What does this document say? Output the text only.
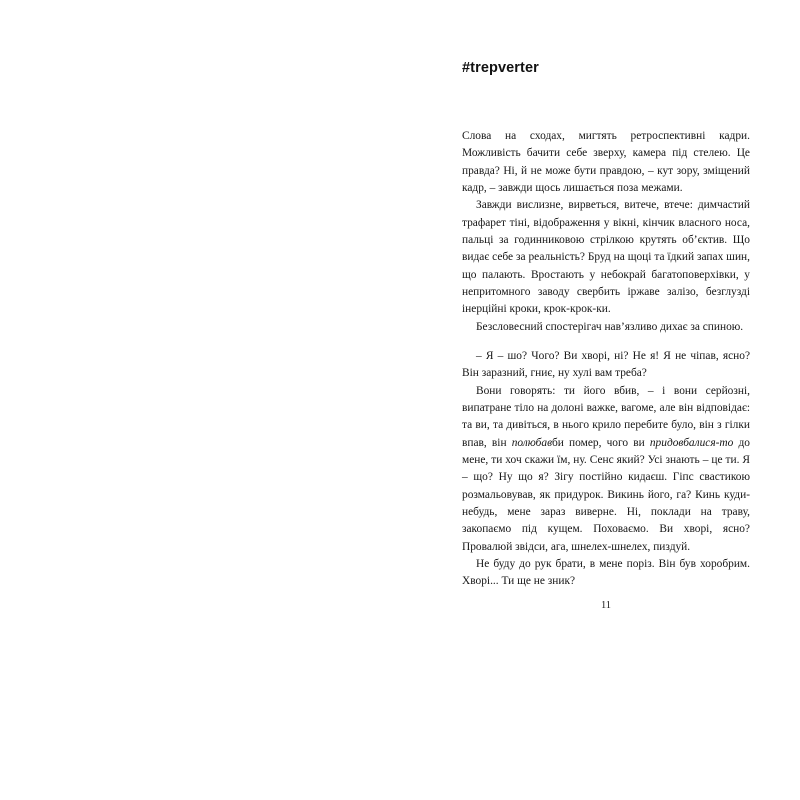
#trepverter

Слова на сходах, мигтять ретроспективні кадри. Можливість бачити себе зверху, камера під стелею. Це правда? Ні, й не може бути правдою, – кут зору, зміщений кадр, – завжди щось лишається поза межами.

Завжди вислизне, вирветься, витече, втече: димчастий трафарет тіні, відображення у вікні, кінчик власного носа, пальці за годинниковою стрілкою крутять об’єктив. Що видає себе за реальність? Бруд на щоці та їдкий запах шин, що палають. Вростають у небокрай багатоповерхівки, у непритомного заводу свербить іржаве залізо, безглузді інерційні кроки, крок-крок-ки.

Безсловесний спостерігач нав’язливо дихає за спиною.

– Я – шо? Чого? Ви хворі, ні? Не я! Я не чіпав, ясно? Він заразний, гниє, ну хулі вам треба?

Вони говорять: ти його вбив, – і вони серйозні, випатране тіло на долоні важке, вагоме, але він відповідає: та ви, та дивіться, в нього крило перебите було, він з гілки впав, він полюбавби помер, чого ви придовбалися-то до мене, ти хоч скажи їм, ну. Сенс який? Усі знають – це ти. Я – що? Ну що я? Зігу постійно кидаєш. Гіпс свастикою розмальовував, як придурок. Викинь його, га? Кинь куди-небудь, мене зараз виверне. Ні, поклади на траву, закопаємо під кущем. Поховаємо. Ви хворі, ясно? Провалюй звідси, ага, шнелех-шнелех, пиздуй.

Не буду до рук брати, в мене поріз. Він був хоробрим. Хворі... Ти ще не зник?

11
